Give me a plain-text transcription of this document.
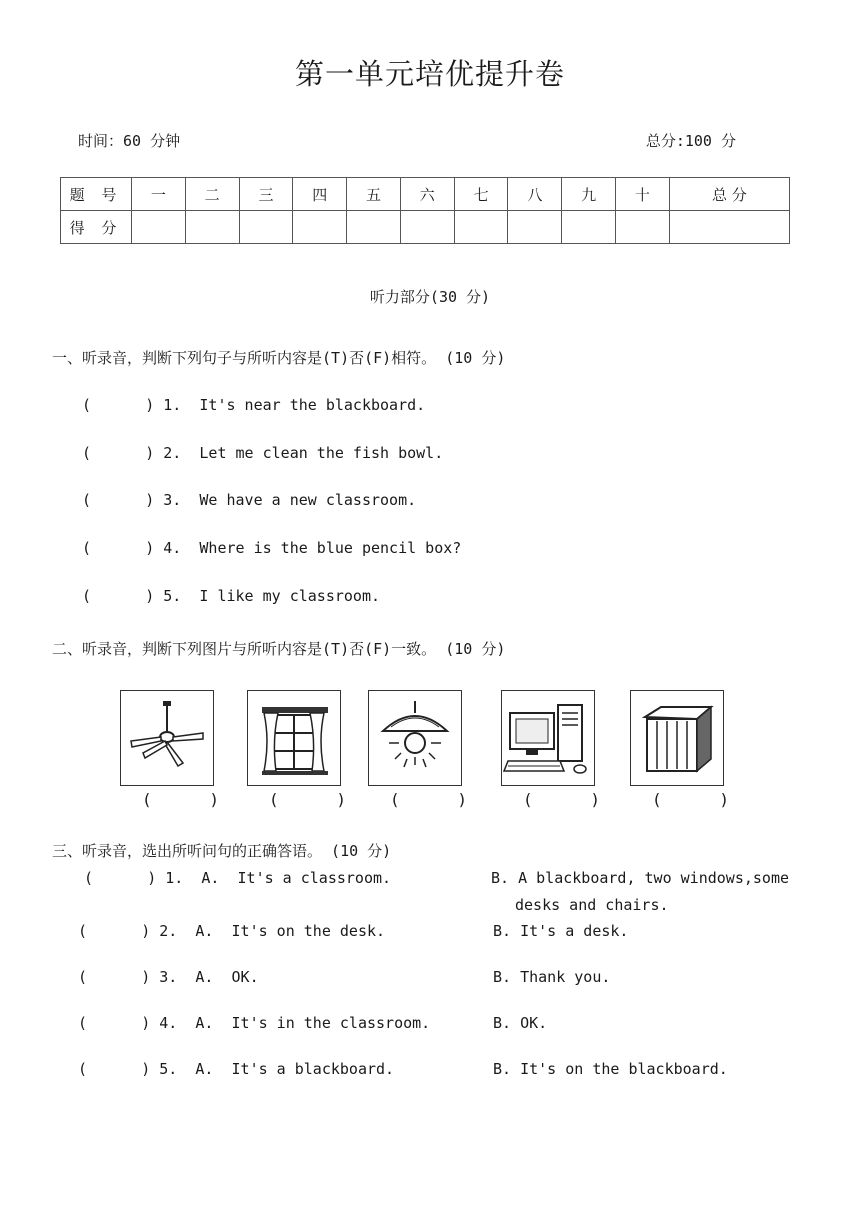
第一单元培优提升卷
时间：60 分钟	总分:100 分
题 号	一	二	三	四	五	六	七	八	九	十	总 分
得 分											
听力部分(30 分)
一、听录音，判断下列句子与所听内容是(T)否(F)相符。 (10 分)
(      ) 1.  It's near the blackboard.
(      ) 2.  Let me clean the fish bowl.
(      ) 3.  We have a new classroom.
(      ) 4.  Where is the blue pencil box?
(      ) 5.  I like my classroom.
二、听录音，判断下列图片与所听内容是(T)否(F)一致。 (10 分)
(      )	(      )	(      )	(      )	(      )
三、听录音，选出所听问句的正确答语。 (10 分)
(      ) 1.  A.  It's a classroom.	B. A blackboard, two windows,some
desks and chairs.
(      ) 2.  A.  It's on the desk.	B. It's a desk.
(      ) 3.  A.  OK.	B. Thank you.
(      ) 4.  A.  It's in the classroom.	B. OK.
(      ) 5.  A.  It's a blackboard.	B. It's on the blackboard.
